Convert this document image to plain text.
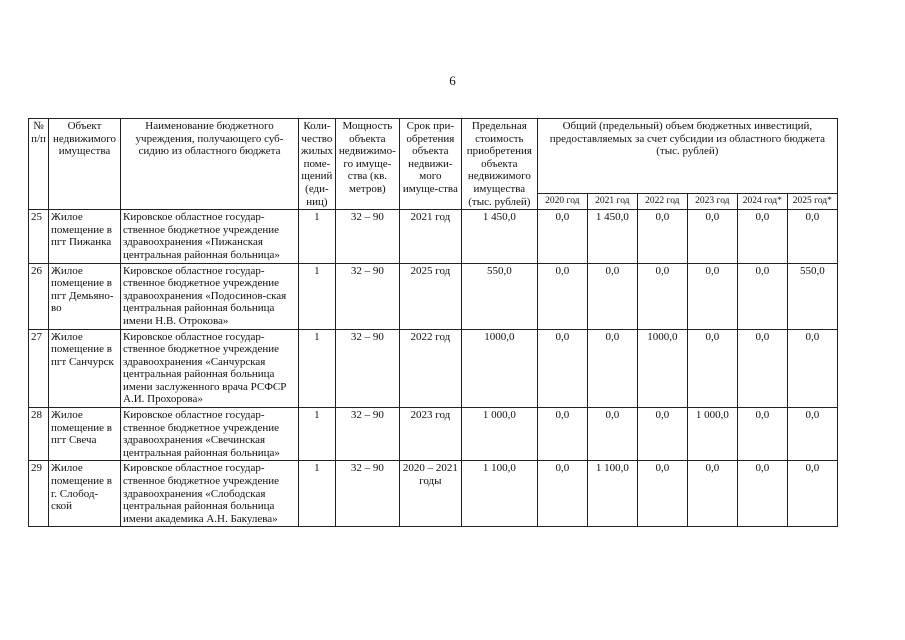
6
№ п/п	Объект недвижимого имущества	Наименование бюджетного учреждения, получающего суб-сидию из областного бюджета	Коли-чество жилых поме-щений (еди-ниц)	Мощность объекта недвижимо-го имуще-ства (кв. метров)	Срок при-обретения объекта недвижи-мого имуще-ства	Предельная стоимость приобретения объекта недвижимого имущества (тыс. рублей)	Общий (предельный) объем бюджетных инвестиций, предоставляемых за счет субсидии из областного бюджета (тыс. рублей)					
							2020 год	2021 год	2022 год	2023 год	2024 год*	2025 год*
25	Жилое помещение в пгт Пижанка	Кировское областное государ-ственное бюджетное учреждение здравоохранения «Пижанская центральная районная больница»	1	32 – 90	2021 год	1 450,0	0,0	1 450,0	0,0	0,0	0,0	0,0
26	Жилое помещение в пгт Демьяно-во	Кировское областное государ-ственное бюджетное учреждение здравоохранения «Подосинов-ская центральная районная больница имени Н.В. Отрокова»	1	32 – 90	2025 год	550,0	0,0	0,0	0,0	0,0	0,0	550,0
27	Жилое помещение в пгт Санчурск	Кировское областное государ-ственное бюджетное учреждение здравоохранения «Санчурская центральная районная больница имени заслуженного врача РСФСР А.И. Прохорова»	1	32 – 90	2022 год	1000,0	0,0	0,0	1000,0	0,0	0,0	0,0
28	Жилое помещение в пгт Свеча	Кировское областное государ-ственное бюджетное учреждение здравоохранения «Свечинская центральная районная больница»	1	32 – 90	2023 год	1 000,0	0,0	0,0	0,0	1 000,0	0,0	0,0
29	Жилое помещение в г. Слобод-ской	Кировское областное государ-ственное бюджетное учреждение здравоохранения «Слободская центральная районная больница имени академика А.Н. Бакулева»	1	32 – 90	2020 – 2021 годы	1 100,0	0,0	1 100,0	0,0	0,0	0,0	0,0
